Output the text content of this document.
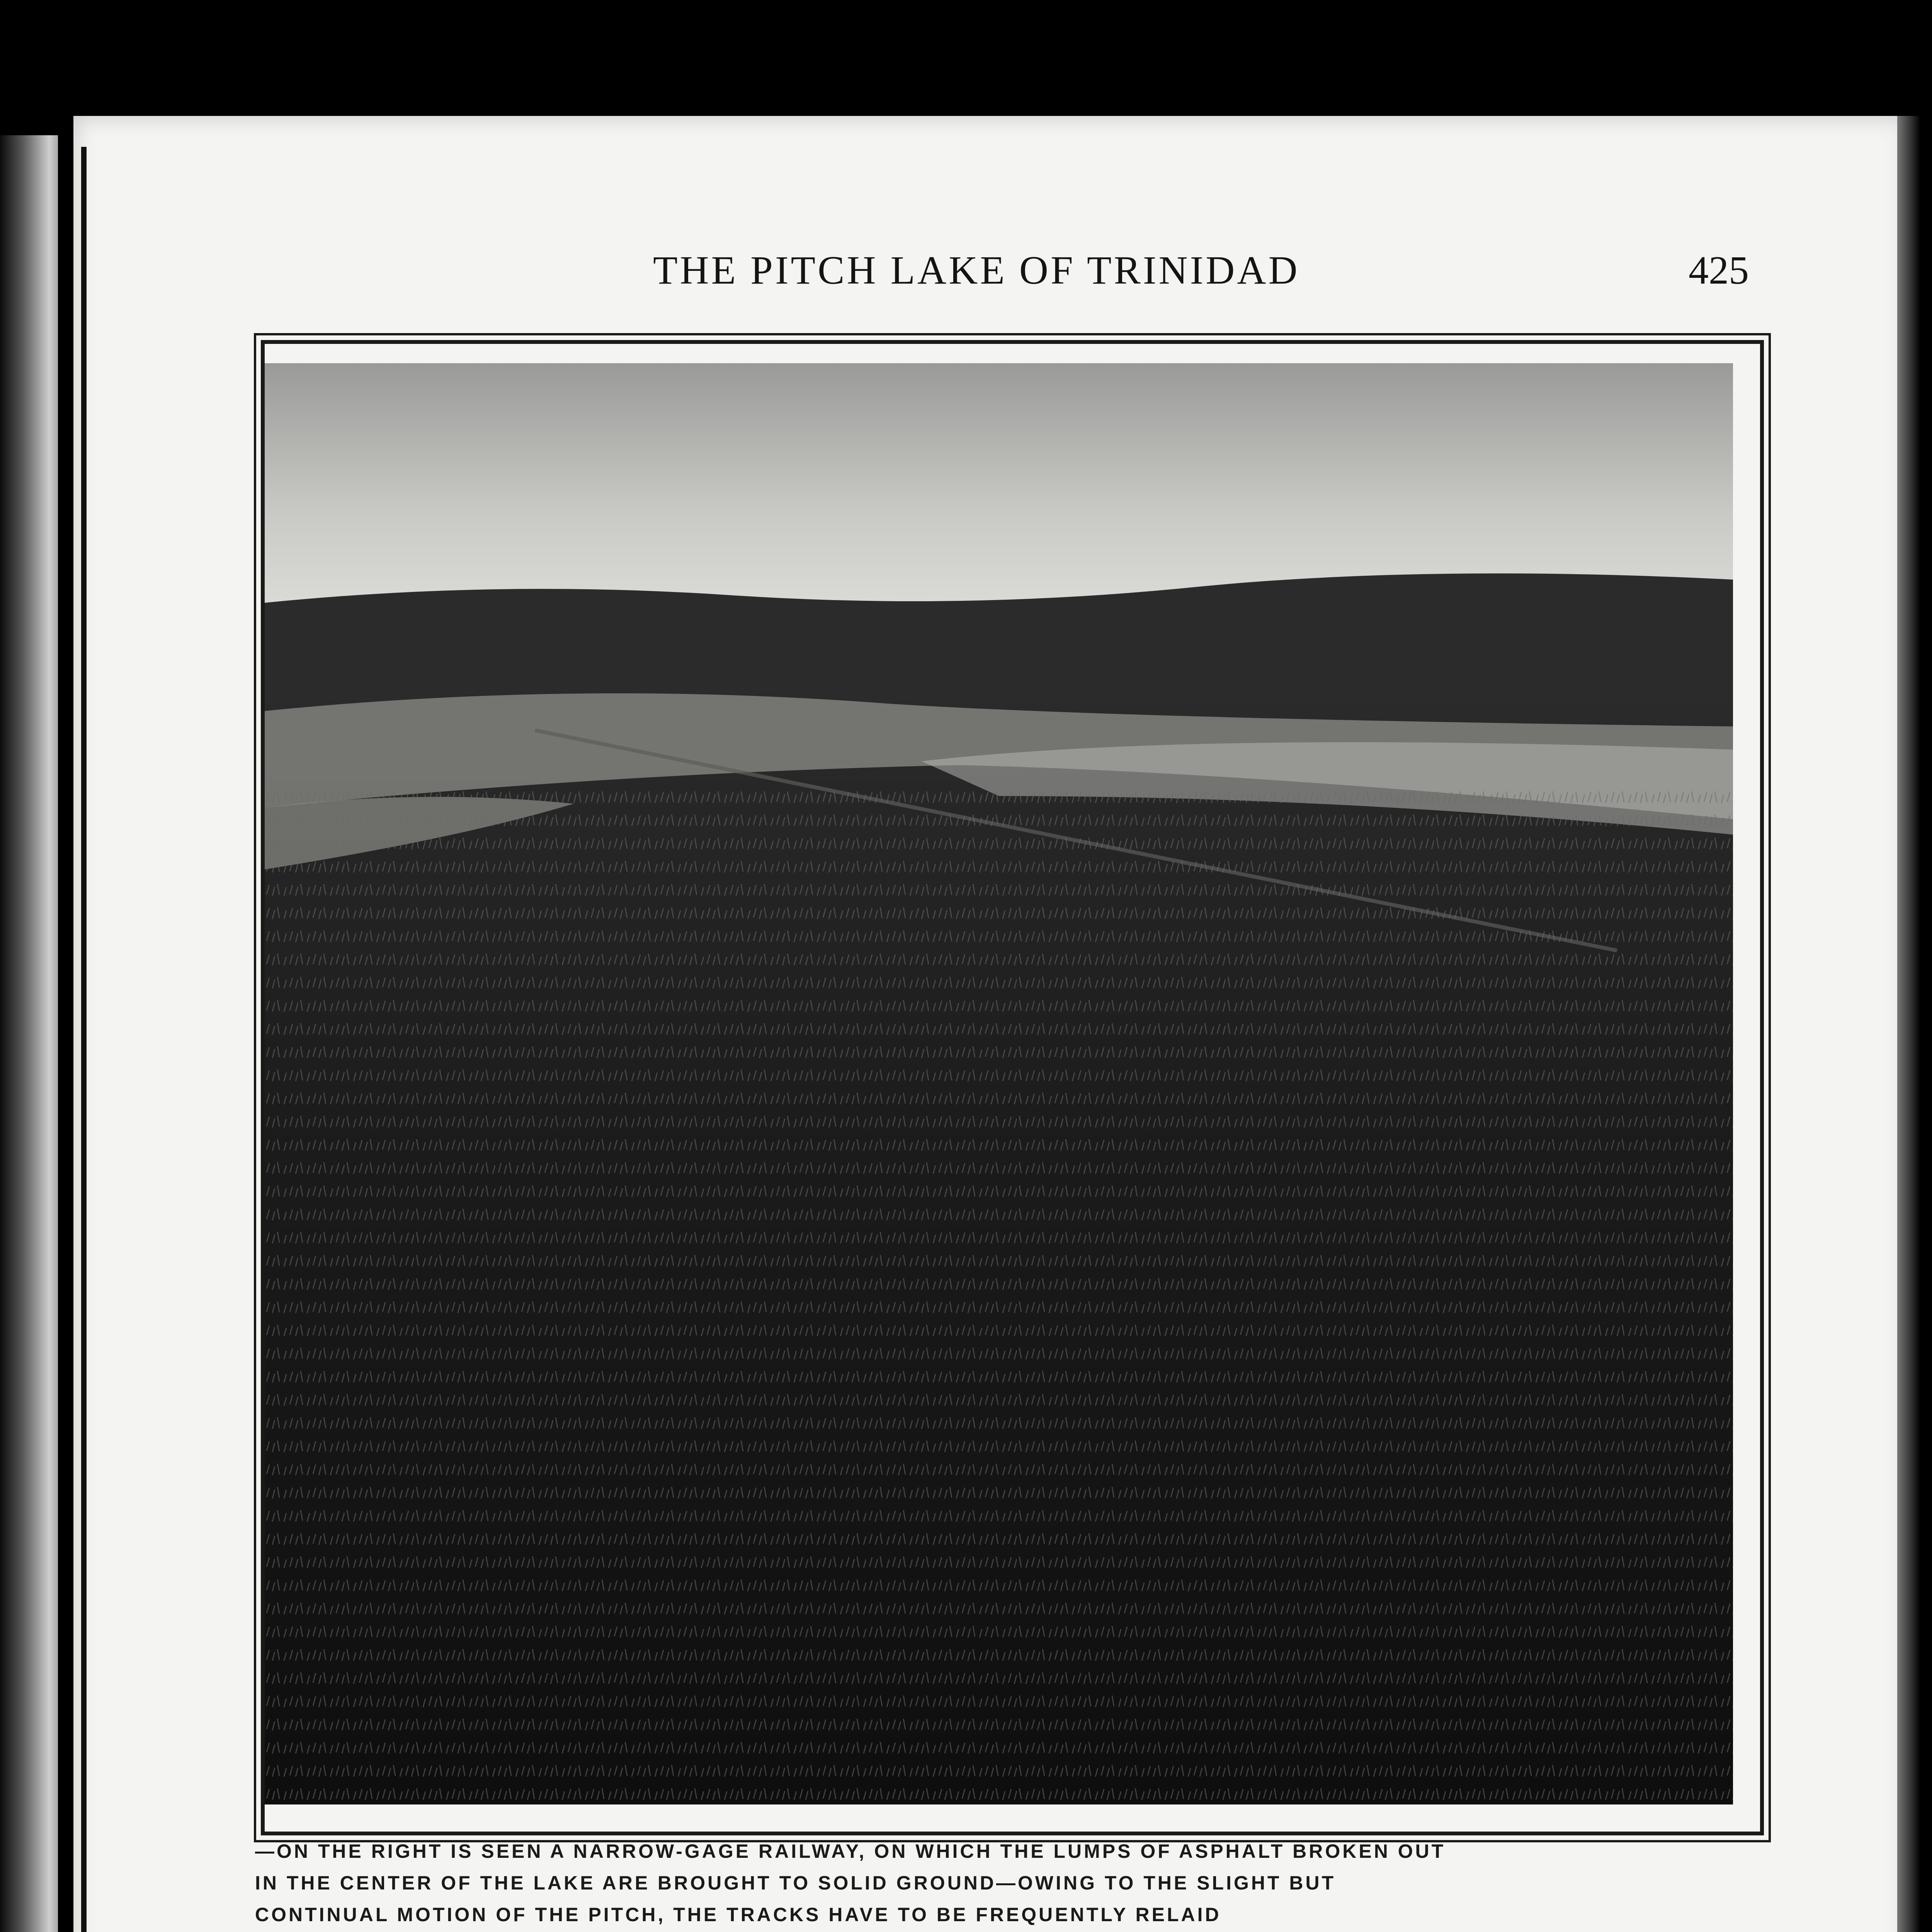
THE PITCH LAKE OF TRINIDAD	425
—ON THE RIGHT IS SEEN A NARROW-GAGE RAILWAY, ON WHICH THE LUMPS OF ASPHALT BROKEN OUT
IN THE CENTER OF THE LAKE ARE BROUGHT TO SOLID GROUND—OWING TO THE SLIGHT BUT
CONTINUAL MOTION OF THE PITCH, THE TRACKS HAVE TO BE FREQUENTLY RELAID
